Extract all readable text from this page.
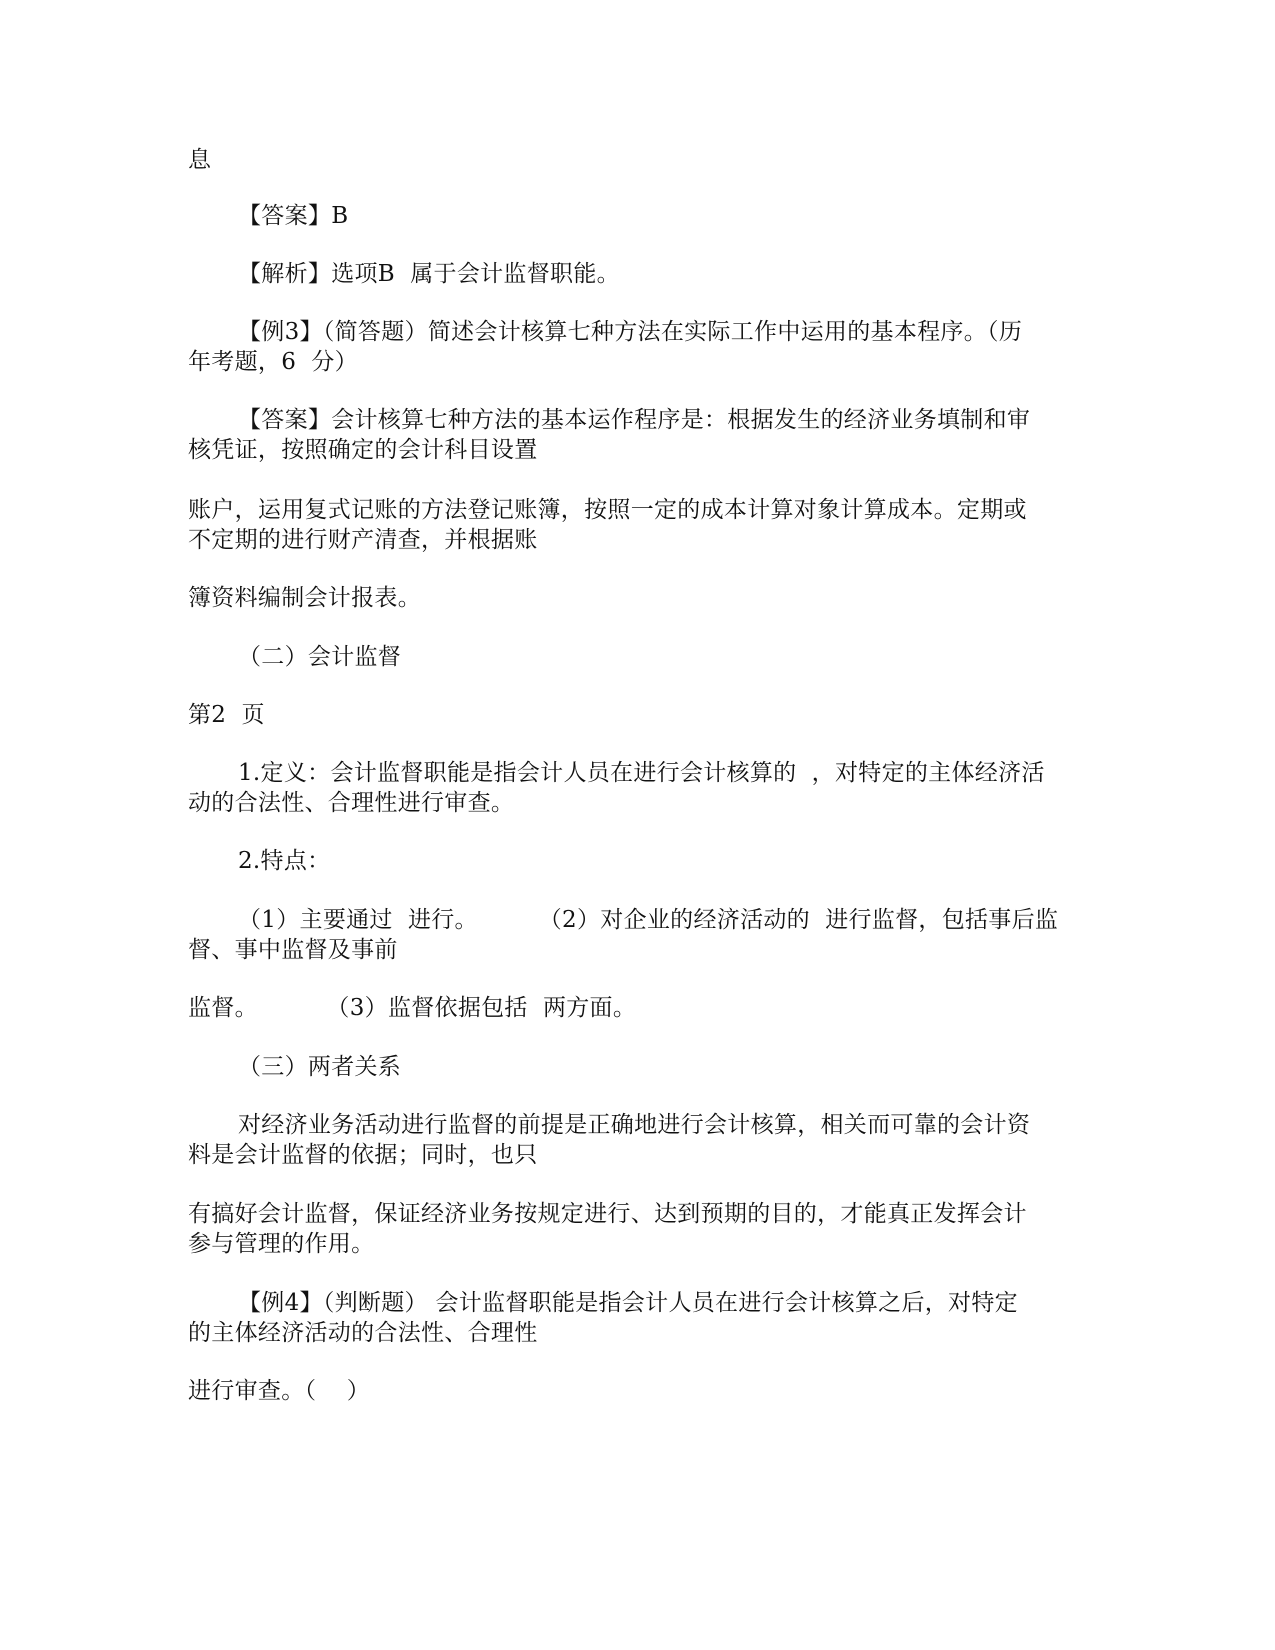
息
【答案】B
【解析】选项B  属于会计监督职能。
【例3】（简答题）简述会计核算七种方法在实际工作中运用的基本程序。（历
年考题，6  分）
【答案】会计核算七种方法的基本运作程序是：根据发生的经济业务填制和审
核凭证，按照确定的会计科目设置
账户，运用复式记账的方法登记账簿，按照一定的成本计算对象计算成本。定期或
不定期的进行财产清查，并根据账
簿资料编制会计报表。
（二）会计监督
第2  页
1.定义：会计监督职能是指会计人员在进行会计核算的  ，对特定的主体经济活
动的合法性、合理性进行审查。
2.特点：
（1）主要通过  进行。        （2）对企业的经济活动的  进行监督，包括事后监
督、事中监督及事前
监督。         （3）监督依据包括  两方面。
（三）两者关系
对经济业务活动进行监督的前提是正确地进行会计核算，相关而可靠的会计资
料是会计监督的依据；同时，也只
有搞好会计监督，保证经济业务按规定进行、达到预期的目的，才能真正发挥会计
参与管理的作用。
【例4】（判断题） 会计监督职能是指会计人员在进行会计核算之后，对特定
的主体经济活动的合法性、合理性
进行审查。（    ）
